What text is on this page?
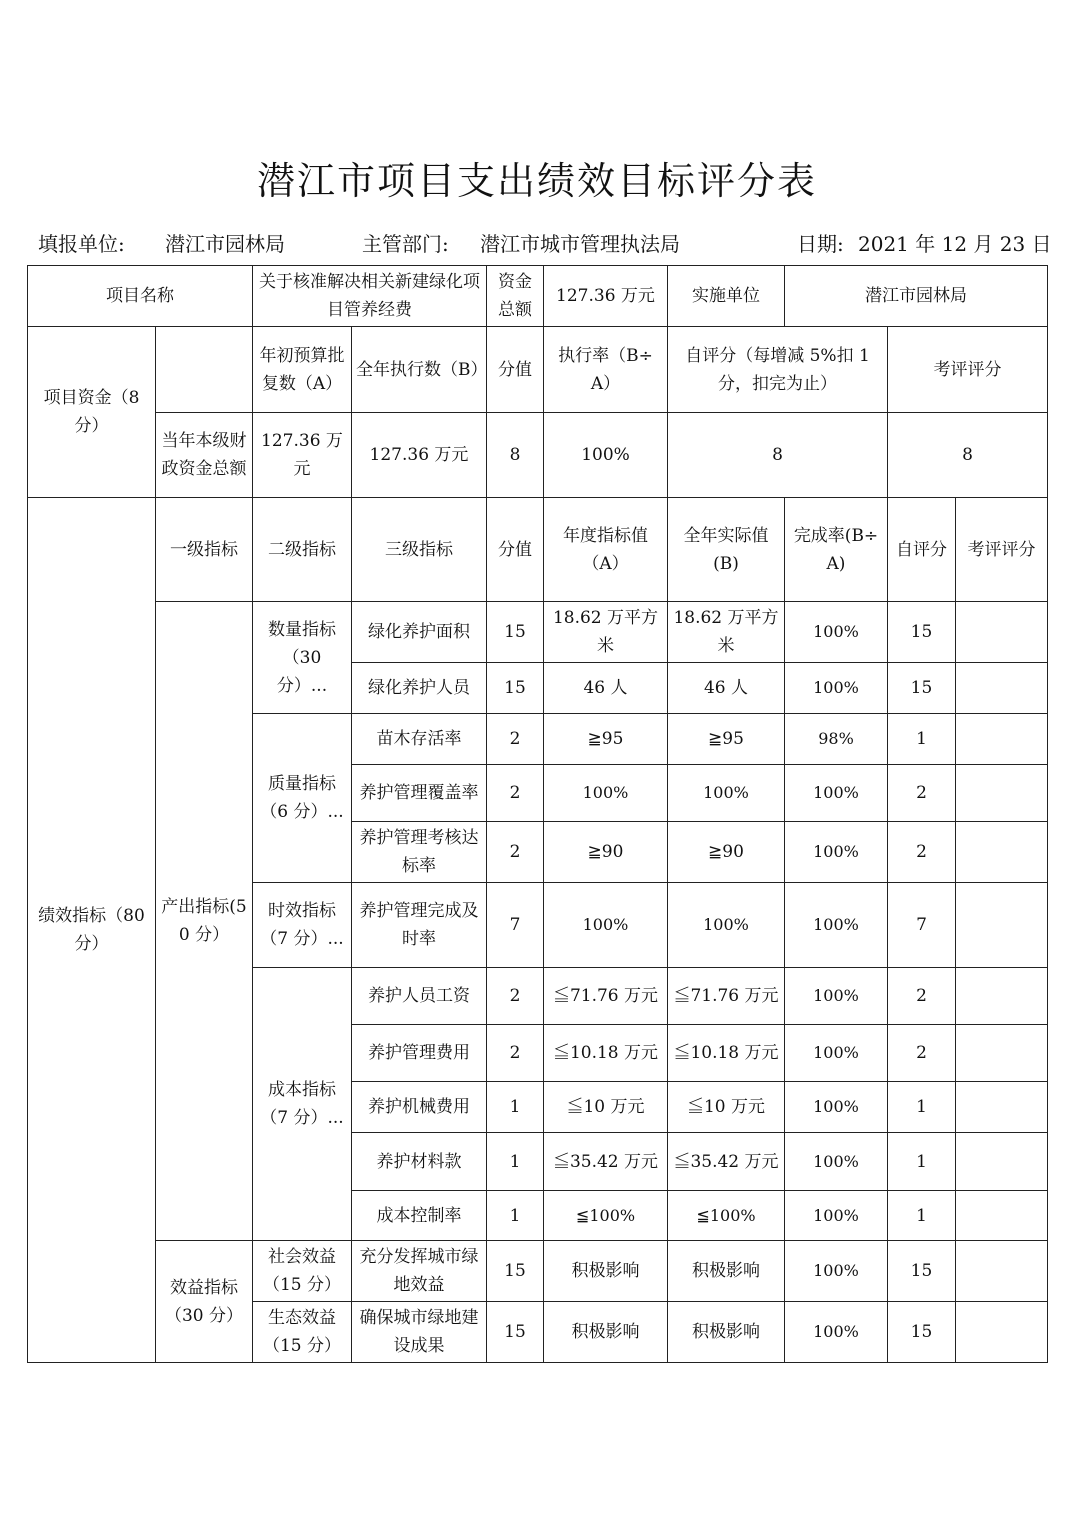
潜江市项目支出绩效目标评分表
填报单位: 潜江市园林局	主管部门: 潜江市城市管理执法局	日期: 2021 年 12 月 23 日
项目名称		关于核准解决相关新建绿化项目管养经费		资金总额	127.36 万元	实施单位	潜江市园林局		
项目资金（8 分）		年初预算批复数（A）	全年执行数（B）	分值	执行率（B÷A）	自评分（每增减 5%扣 1 分，扣完为止）		考评评分	
	当年本级财政资金总额	127.36 万元	127.36 万元	8	100%	8		8	
绩效指标（80 分）	一级指标	二级指标	三级指标	分值	年度指标值（A）	全年实际值(B)	完成率(B÷A)	自评分	考评评分
	产出指标(50 分）	数量指标（30 分）...	绿化养护面积	15	18.62 万平方米	18.62 万平方米	100%	15	
			绿化养护人员	15	46 人	46 人	100%	15	
		质量指标（6 分）...	苗木存活率	2	≧95	≧95	98%	1	
			养护管理覆盖率	2	100%	100%	100%	2	
			养护管理考核达标率	2	≧90	≧90	100%	2	
		时效指标（7 分）...	养护管理完成及时率	7	100%	100%	100%	7	
		成本指标（7 分）...	养护人员工资	2	≦71.76 万元	≦71.76 万元	100%	2	
			养护管理费用	2	≦10.18 万元	≦10.18 万元	100%	2	
			养护机械费用	1	≦10 万元	≦10 万元	100%	1	
			养护材料款	1	≦35.42 万元	≦35.42 万元	100%	1	
			成本控制率	1	≦100%	≦100%	100%	1	
	效益指标（30 分）	社会效益（15 分）	充分发挥城市绿地效益	15	积极影响	积极影响	100%	15	
		生态效益（15 分）	确保城市绿地建设成果	15	积极影响	积极影响	100%	15	
